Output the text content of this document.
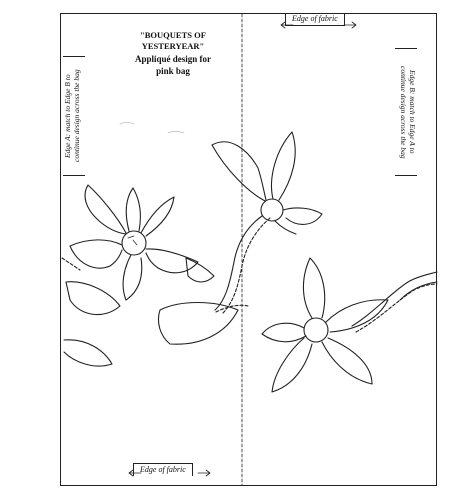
"BOUQUETS OF
YESTERYEAR"
Appliqué design for
pink bag
Edge of fabric
Edge of fabric
Edge A: match to Edge B to
continue design across the bag	Edge B: match to Edge A to
continue design across the bag
